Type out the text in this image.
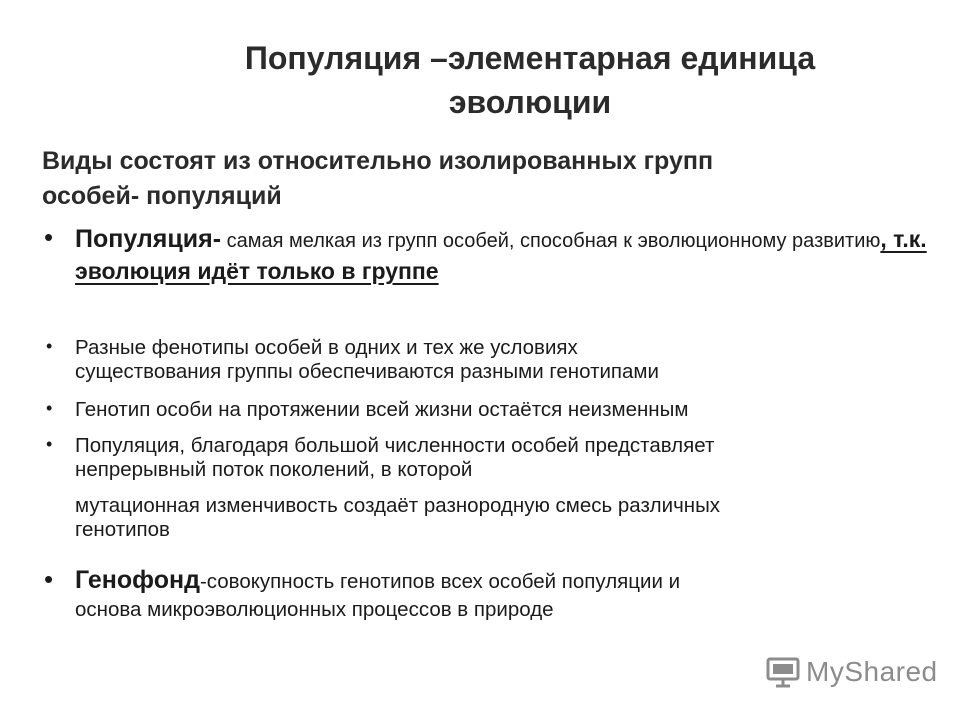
Популяция –элементарная единица
эволюции
Виды состоят из относительно изолированных групп
особей- популяций
• Популяция- самая мелкая из групп особей, способная к эволюционному развитию, т.к. эволюция идёт только в группе
• Разные фенотипы особей в одних и тех же условиях
существования группы обеспечиваются разными генотипами
• Генотип особи на протяжении всей жизни остаётся неизменным
• Популяция, благодаря большой численности особей представляет
непрерывный поток поколений, в которой
мутационная изменчивость создаёт разнородную смесь различных
генотипов
• Генофонд-совокупность генотипов всех особей популяции и
основа микроэволюционных процессов в природе
MyShared
